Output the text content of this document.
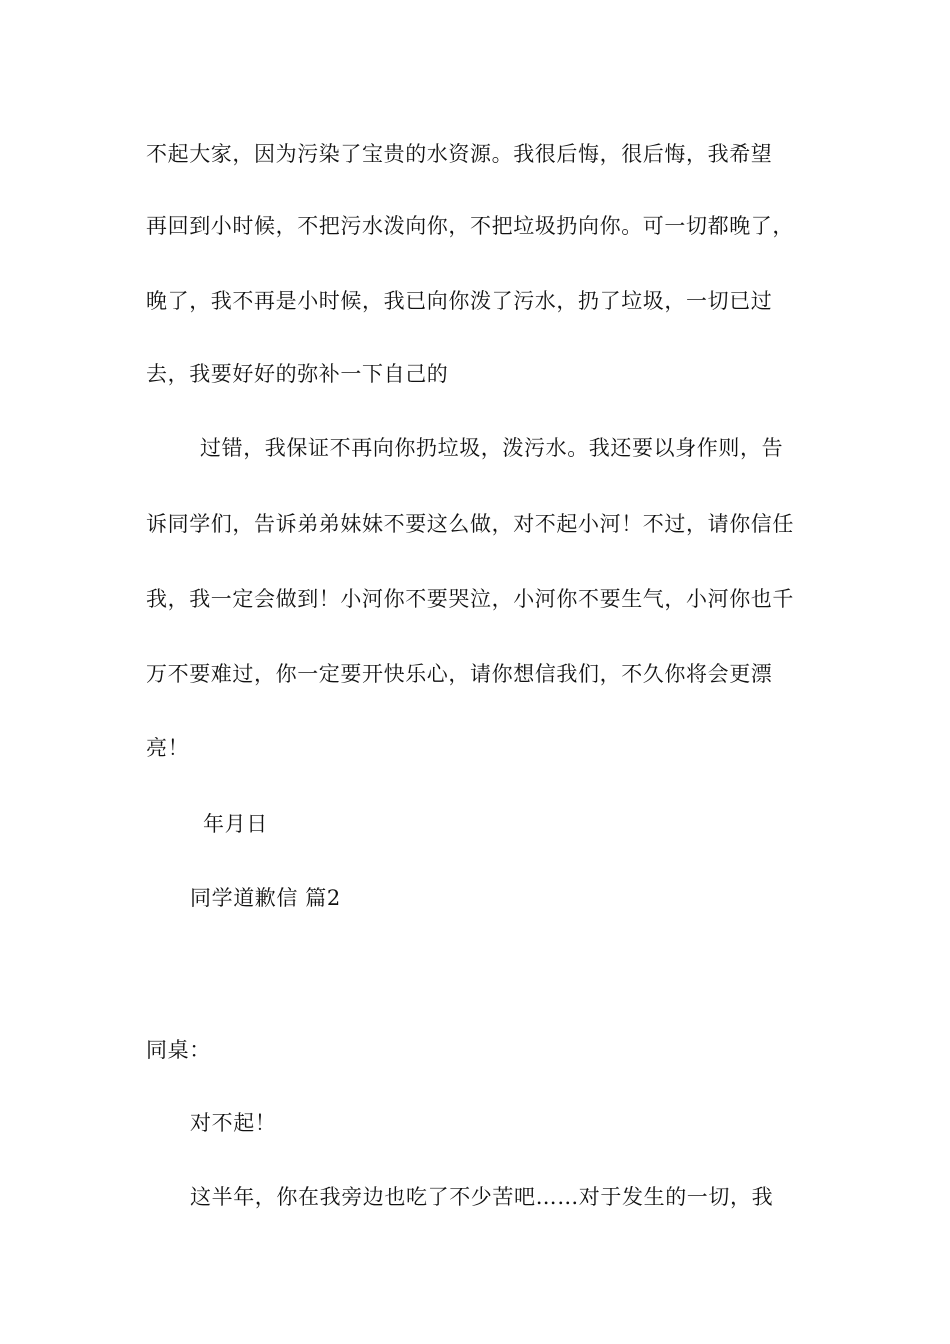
不起大家，因为污染了宝贵的水资源。我很后悔，很后悔，我希望
再回到小时候，不把污水泼向你，不把垃圾扔向你。可一切都晚了，
晚了，我不再是小时候，我已向你泼了污水，扔了垃圾，一切已过
去，我要好好的弥补一下自己的
过错，我保证不再向你扔垃圾，泼污水。我还要以身作则，告
诉同学们，告诉弟弟妹妹不要这么做，对不起小河！不过，请你信任
我，我一定会做到！小河你不要哭泣，小河你不要生气，小河你也千
万不要难过，你一定要开快乐心，请你想信我们，不久你将会更漂
亮！
年月日
同学道歉信 篇2
同桌：
对不起！
这半年，你在我旁边也吃了不少苦吧……对于发生的一切，我
